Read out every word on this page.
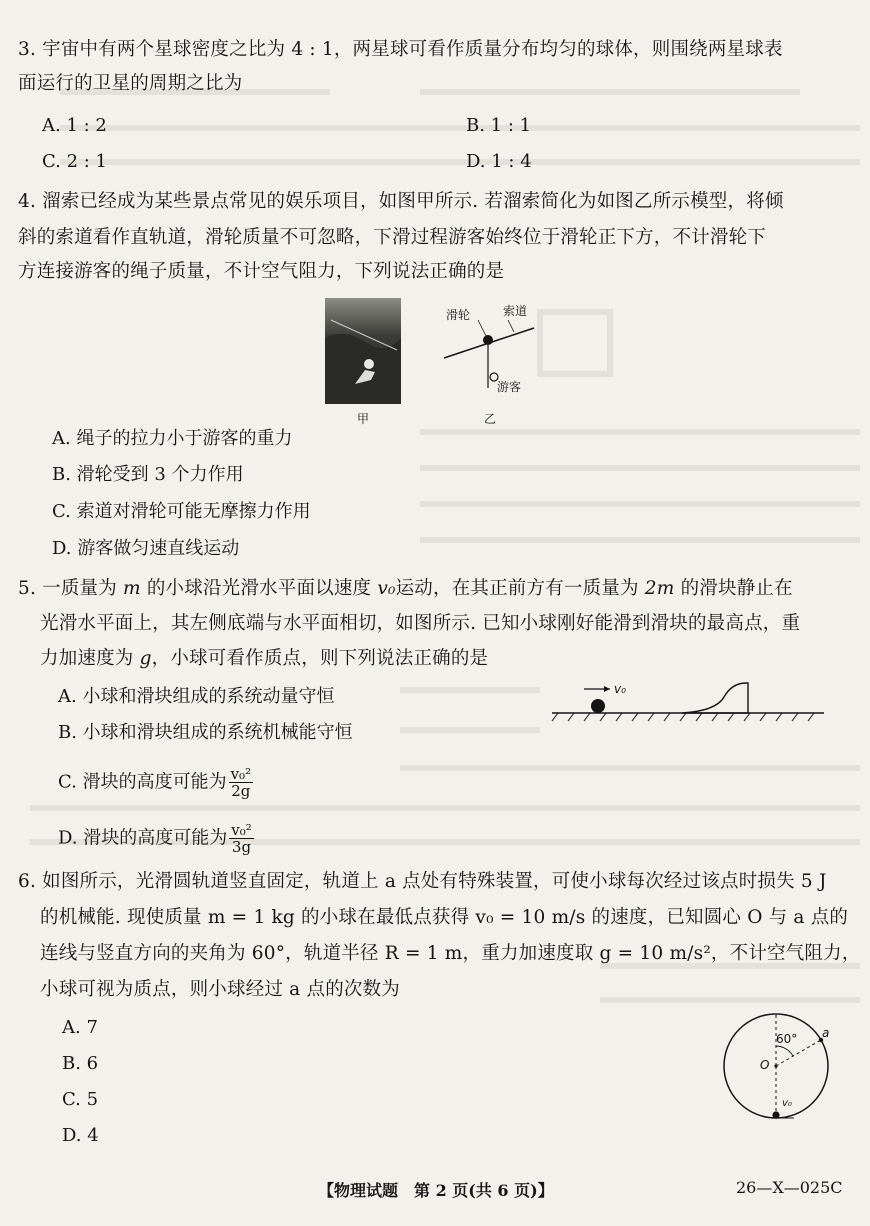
3. 宇宙中有两个星球密度之比为 4 : 1，两星球可看作质量分布均匀的球体，则围绕两星球表
面运行的卫星的周期之比为
A. 1 : 2	B. 1 : 1
C. 2 : 1	D. 1 : 4
4. 溜索已经成为某些景点常见的娱乐项目，如图甲所示. 若溜索简化为如图乙所示模型，将倾
斜的索道看作直轨道，滑轮质量不可忽略，下滑过程游客始终位于滑轮正下方，不计滑轮下
方连接游客的绳子质量，不计空气阻力，下列说法正确的是
甲
滑轮	索道
游客
乙
A. 绳子的拉力小于游客的重力
B. 滑轮受到 3 个力作用
C. 索道对滑轮可能无摩擦力作用
D. 游客做匀速直线运动
5. 一质量为 m 的小球沿光滑水平面以速度 v₀运动，在其正前方有一质量为 2m 的滑块静止在
光滑水平面上，其左侧底端与水平面相切，如图所示. 已知小球刚好能滑到滑块的最高点，重
力加速度为 g，小球可看作质点，则下列说法正确的是
A. 小球和滑块组成的系统动量守恒
B. 小球和滑块组成的系统机械能守恒
C. 滑块的高度可能为 $\frac{\text{v₀²}}{2g}$
D. 滑块的高度可能为 $\frac{\text{v₀²}}{3g}$
v₀
6. 如图所示，光滑圆轨道竖直固定，轨道上 a 点处有特殊装置，可使小球每次经过该点时损失 5 J
的机械能. 现使质量 m = 1 kg 的小球在最低点获得 v₀ = 10 m/s 的速度，已知圆心 O 与 a 点的
连线与竖直方向的夹角为 60°，轨道半径 R = 1 m，重力加速度取 g = 10 m/s²，不计空气阻力，
小球可视为质点，则小球经过 a 点的次数为
A. 7
B. 6
C. 5
D. 4
60° a
O
v₀
【物理试题　第 2 页(共 6 页)】	26—X—025C
